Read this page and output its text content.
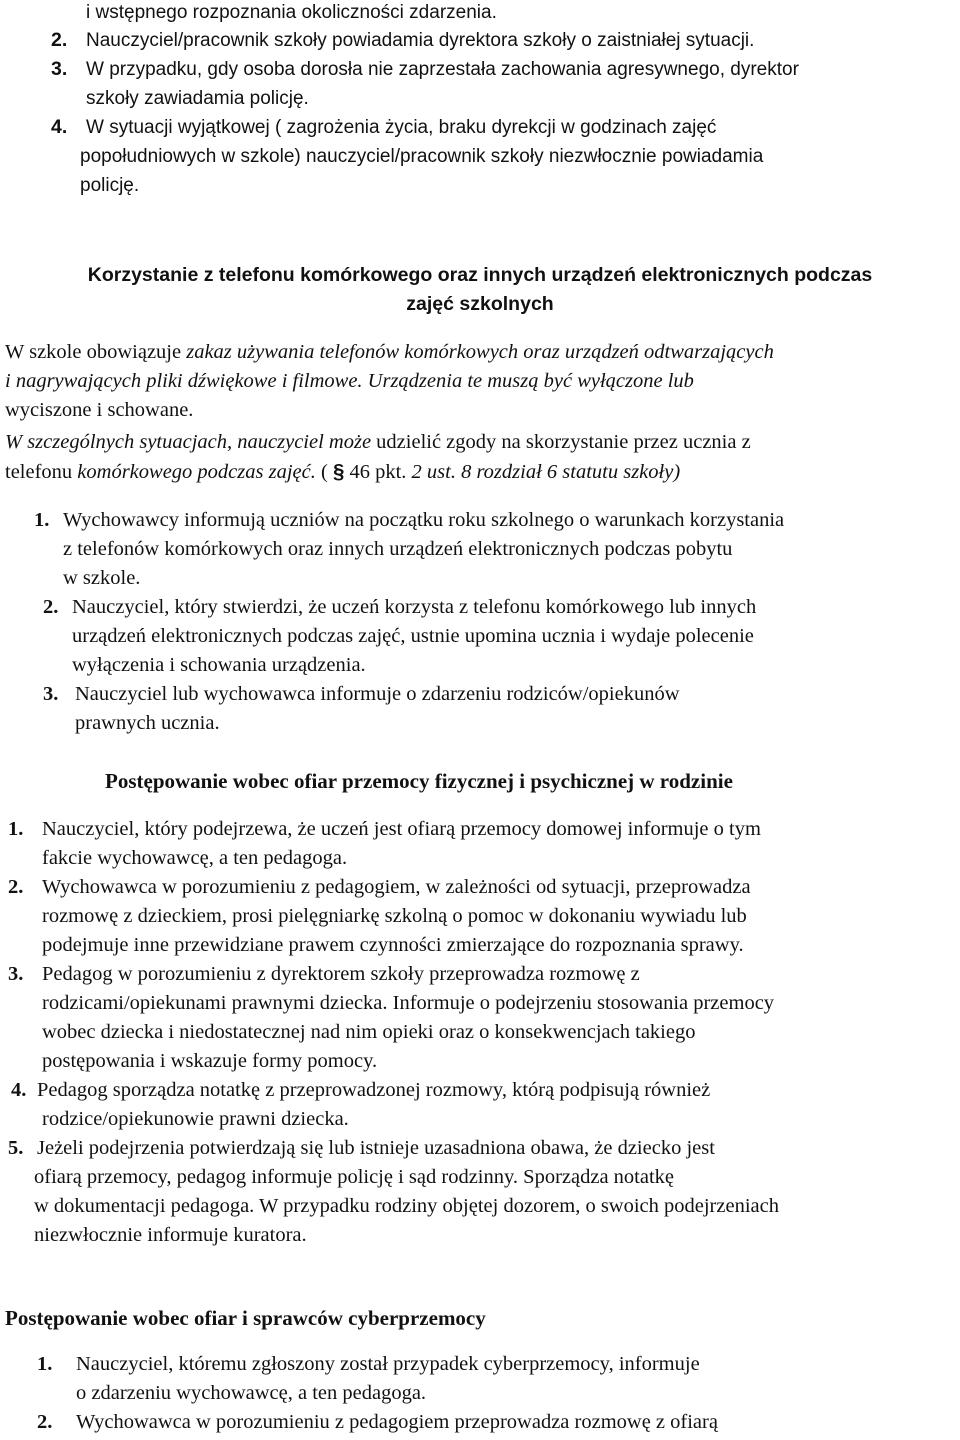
i wstępnego rozpoznania okoliczności zdarzenia.
2. Nauczyciel/pracownik szkoły powiadamia dyrektora szkoły o zaistniałej sytuacji.
3. W przypadku, gdy osoba dorosła nie zaprzestała zachowania agresywnego, dyrektor
szkoły zawiadamia policję.
4. W sytuacji wyjątkowej ( zagrożenia życia, braku dyrekcji w godzinach zajęć
popołudniowych w szkole) nauczyciel/pracownik szkoły niezwłocznie powiadamia
policję.
Korzystanie z telefonu komórkowego oraz innych urządzeń elektronicznych podczas
zajęć szkolnych
W szkole obowiązuje zakaz używania telefonów komórkowych oraz urządzeń odtwarzających
i nagrywających pliki dźwiękowe i filmowe. Urządzenia te muszą być wyłączone lub
wyciszone i schowane.
W szczególnych sytuacjach, nauczyciel może udzielić zgody na skorzystanie przez ucznia z
telefonu komórkowego podczas zajęć. ( § 46 pkt. 2 ust. 8 rozdział 6 statutu szkoły)
1. Wychowawcy informują uczniów na początku roku szkolnego o warunkach korzystania
z telefonów komórkowych oraz innych urządzeń elektronicznych podczas pobytu
w szkole.
2. Nauczyciel, który stwierdzi, że uczeń korzysta z telefonu komórkowego lub innych
urządzeń elektronicznych podczas zajęć, ustnie upomina ucznia i wydaje polecenie
wyłączenia i schowania urządzenia.
3. Nauczyciel lub wychowawca informuje o zdarzeniu rodziców/opiekunów
prawnych ucznia.
Postępowanie wobec ofiar przemocy fizycznej i psychicznej w rodzinie
1. Nauczyciel, który podejrzewa, że uczeń jest ofiarą przemocy domowej informuje o tym
fakcie wychowawcę, a ten pedagoga.
2. Wychowawca w porozumieniu z pedagogiem, w zależności od sytuacji, przeprowadza
rozmowę z dzieckiem, prosi pielęgniarkę szkolną o pomoc w dokonaniu wywiadu lub
podejmuje inne przewidziane prawem czynności zmierzające do rozpoznania sprawy.
3. Pedagog w porozumieniu z dyrektorem szkoły przeprowadza rozmowę z
rodzicami/opiekunami prawnymi dziecka. Informuje o podejrzeniu stosowania przemocy
wobec dziecka i niedostatecznej nad nim opieki oraz o konsekwencjach takiego
postępowania i wskazuje formy pomocy.
4. Pedagog sporządza notatkę z przeprowadzonej rozmowy, którą podpisują również
rodzice/opiekunowie prawni dziecka.
5. Jeżeli podejrzenia potwierdzają się lub istnieje uzasadniona obawa, że dziecko jest
ofiarą przemocy, pedagog informuje policję i sąd rodzinny. Sporządza notatkę
w dokumentacji pedagoga. W przypadku rodziny objętej dozorem, o swoich podejrzeniach
niezwłocznie informuje kuratora.
Postępowanie wobec ofiar i sprawców cyberprzemocy
1. Nauczyciel, któremu zgłoszony został przypadek cyberprzemocy, informuje
o zdarzeniu wychowawcę, a ten pedagoga.
2. Wychowawca w porozumieniu z pedagogiem przeprowadza rozmowę z ofiarą
